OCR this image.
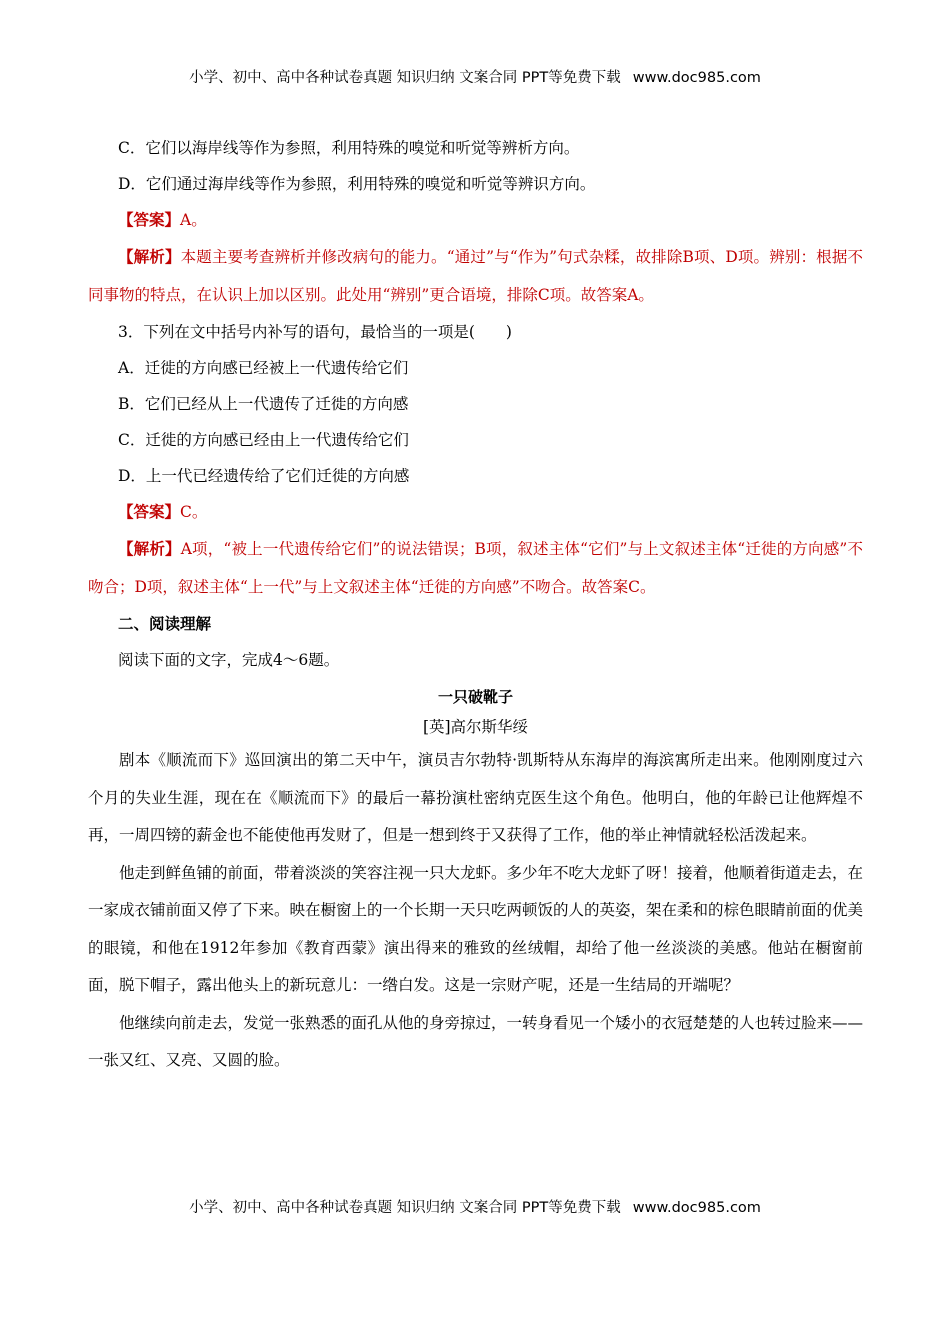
小学、初中、高中各种试卷真题 知识归纳 文案合同 PPT等免费下载 www.doc985.com
C．它们以海岸线等作为参照，利用特殊的嗅觉和听觉等辨析方向。
D．它们通过海岸线等作为参照，利用特殊的嗅觉和听觉等辨识方向。
【答案】A。

【解析】本题主要考查辨析并修改病句的能力。“通过”与“作为”句式杂糅，故排除B项、D项。辨别：根据不同事物的特点，在认识上加以区别。此处用“辨别”更合语境，排除C项。故答案A。

3．下列在文中括号内补写的语句，最恰当的一项是(　　)
A．迁徙的方向感已经被上一代遗传给它们
B．它们已经从上一代遗传了迁徙的方向感
C．迁徙的方向感已经由上一代遗传给它们
D．上一代已经遗传给了它们迁徙的方向感
【答案】C。

【解析】A项，“被上一代遗传给它们”的说法错误；B项，叙述主体“它们”与上文叙述主体“迁徙的方向感”不吻合；D项，叙述主体“上一代”与上文叙述主体“迁徙的方向感”不吻合。故答案C。

二、阅读理解
阅读下面的文字，完成4～6题。
一只破靴子
[英]高尔斯华绥

剧本《顺流而下》巡回演出的第二天中午，演员吉尔勃特·凯斯特从东海岸的海滨寓所走出来。他刚刚度过六个月的失业生涯，现在在《顺流而下》的最后一幕扮演杜密纳克医生这个角色。他明白，他的年龄已让他辉煌不再，一周四镑的薪金也不能使他再发财了，但是一想到终于又获得了工作，他的举止神情就轻松活泼起来。

他走到鲜鱼铺的前面，带着淡淡的笑容注视一只大龙虾。多少年不吃大龙虾了呀！接着，他顺着街道走去，在一家成衣铺前面又停了下来。映在橱窗上的一个长期一天只吃两顿饭的人的英姿，架在柔和的棕色眼睛前面的优美的眼镜，和他在1912年参加《教育西蒙》演出得来的雅致的丝绒帽，却给了他一丝淡淡的美感。他站在橱窗前面，脱下帽子，露出他头上的新玩意儿：一绺白发。这是一宗财产呢，还是一生结局的开端呢？

他继续向前走去，发觉一张熟悉的面孔从他的身旁掠过，一转身看见一个矮小的衣冠楚楚的人也转过脸来——一张又红、又亮、又圆的脸。

小学、初中、高中各种试卷真题 知识归纳 文案合同 PPT等免费下载 www.doc985.com
